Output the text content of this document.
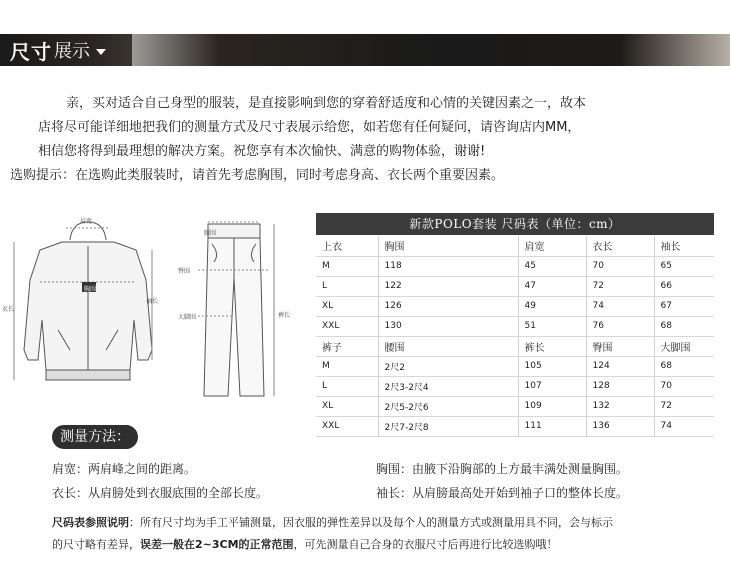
尺寸 展示

亲，买对适合自己身型的服装，是直接影响到您的穿着舒适度和心情的关键因素之一，故本

店将尽可能详细地把我们的测量方式及尺寸表展示给您，如若您有任何疑问，请咨询店内MM，

相信您将得到最理想的解决方案。祝您享有本次愉快、满意的购物体验，谢谢!

选购提示：在选购此类服装时，请首先考虑胸围，同时考虑身高、衣长两个重要因素。

肩宽
胸围
衣长
袖长
腰围
臀围
大脚围	裤长
新款POLO套装 尺码表（单位：cm）
上衣	胸围	肩宽	衣长	袖长
M	118	45	70	65
L	122	47	72	66
XL	126	49	74	67
XXL	130	51	76	68
裤子	腰围	裤长	臀围	大脚围
M	2尺2	105	124	68
L	2尺3-2尺4	107	128	70
XL	2尺5-2尺6	109	132	72
XXL	2尺7-2尺8	111	136	74
测量方法：
肩宽：两肩峰之间的距离。
衣长：从肩膀处到衣服底围的全部长度。
胸围：由腋下沿胸部的上方最丰满处测量胸围。
袖长：从肩膀最高处开始到袖子口的整体长度。

尺码表参照说明：所有尺寸均为手工平铺测量，因衣服的弹性差异以及每个人的测量方式或测量用具不同，会与标示

的尺寸略有差异，误差一般在2~3CM的正常范围，可先测量自己合身的衣服尺寸后再进行比较选购哦！
